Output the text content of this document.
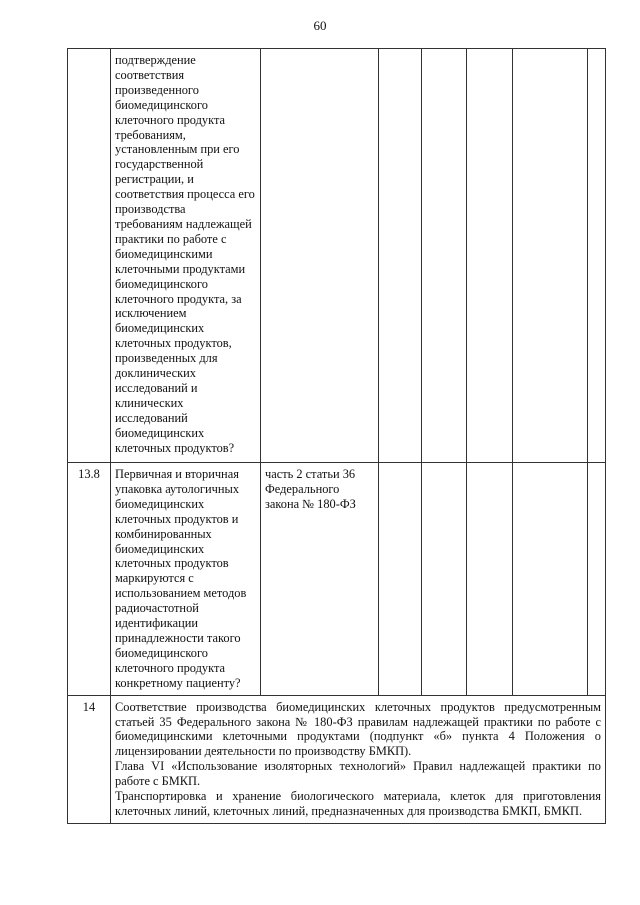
60
	подтверждение соответствия произведенного биомедицинского клеточного продукта требованиям, установленным при его государственной регистрации, и соответствия процесса его производства требованиям надлежащей практики по работе с биомедицинскими клеточными продуктами биомедицинского клеточного продукта, за исключением биомедицинских клеточных продуктов, произведенных для доклинических исследований и клинических исследований биомедицинских клеточных продуктов?						
13.8	Первичная и вторичная упаковка аутологичных биомедицинских клеточных продуктов и комбинированных биомедицинских клеточных продуктов маркируются с использованием методов радиочастотной идентификации принадлежности такого биомедицинского клеточного продукта конкретному пациенту?	часть 2 статьи 36 Федерального закона № 180-ФЗ					
14	Соответствие производства биомедицинских клеточных продуктов предусмотренным статьей 35 Федерального закона № 180-ФЗ правилам надлежащей практики по работе с биомедицинскими клеточными продуктами (подпункт «б» пункта 4 Положения о лицензировании деятельности по производству БМКП).

Глава VI «Использование изоляторных технологий» Правил надлежащей практики по работе с БМКП.

Транспортировка и хранение биологического материала, клеток для приготовления клеточных линий, клеточных линий, предназначенных для производства БМКП, БМКП.						
